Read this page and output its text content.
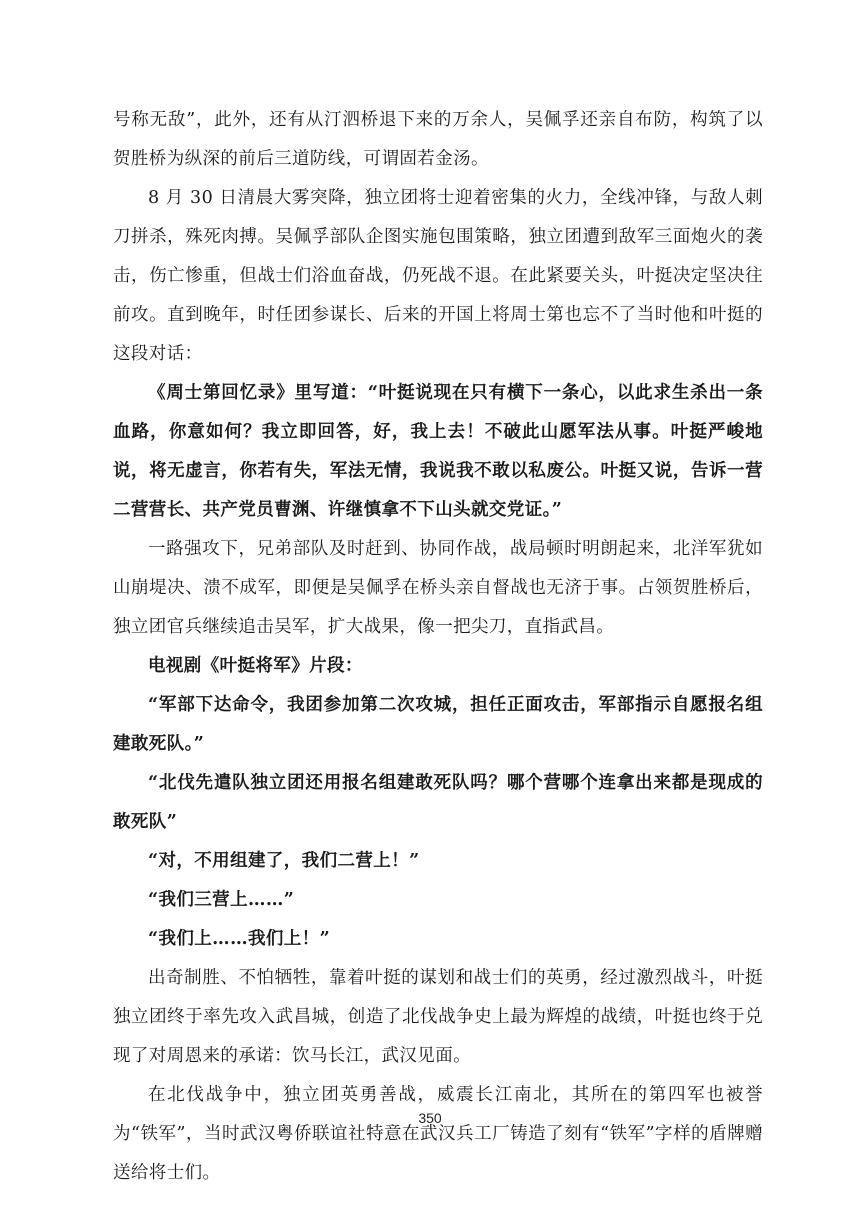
号称无敌”，此外，还有从汀泗桥退下来的万余人，吴佩孚还亲自布防，构筑了以贺胜桥为纵深的前后三道防线，可谓固若金汤。

8 月 30 日清晨大雾突降，独立团将士迎着密集的火力，全线冲锋，与敌人刺刀拼杀，殊死肉搏。吴佩孚部队企图实施包围策略，独立团遭到敌军三面炮火的袭击，伤亡惨重，但战士们浴血奋战，仍死战不退。在此紧要关头，叶挺决定坚决往前攻。直到晚年，时任团参谋长、后来的开国上将周士第也忘不了当时他和叶挺的这段对话：

《周士第回忆录》里写道：“叶挺说现在只有横下一条心，以此求生杀出一条血路，你意如何？我立即回答，好，我上去！不破此山愿军法从事。叶挺严峻地说，将无虚言，你若有失，军法无情，我说我不敢以私废公。叶挺又说，告诉一营二营营长、共产党员曹渊、许继慎拿不下山头就交党证。”

一路强攻下，兄弟部队及时赶到、协同作战，战局顿时明朗起来，北洋军犹如山崩堤决、溃不成军，即便是吴佩孚在桥头亲自督战也无济于事。占领贺胜桥后，独立团官兵继续追击吴军，扩大战果，像一把尖刀，直指武昌。

电视剧《叶挺将军》片段：

“军部下达命令，我团参加第二次攻城，担任正面攻击，军部指示自愿报名组建敢死队。”

“北伐先遣队独立团还用报名组建敢死队吗？哪个营哪个连拿出来都是现成的敢死队”

“对，不用组建了，我们二营上！”

“我们三营上……”

“我们上……我们上！”

出奇制胜、不怕牺牲，靠着叶挺的谋划和战士们的英勇，经过激烈战斗，叶挺独立团终于率先攻入武昌城，创造了北伐战争史上最为辉煌的战绩，叶挺也终于兑现了对周恩来的承诺：饮马长江，武汉见面。

在北伐战争中，独立团英勇善战，威震长江南北，其所在的第四军也被誉为“铁军”，当时武汉粤侨联谊社特意在武汉兵工厂铸造了刻有“铁军”字样的盾牌赠送给将士们。

350
